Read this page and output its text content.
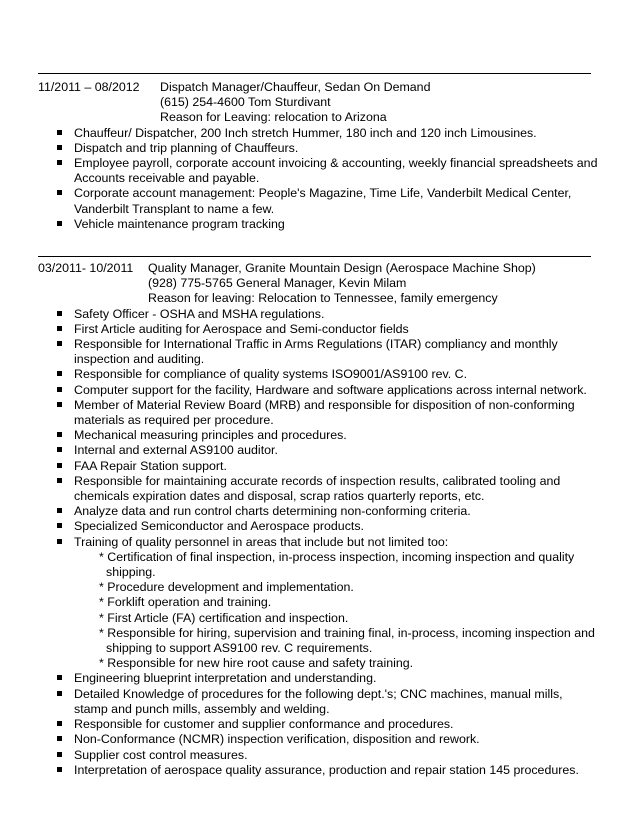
11/2011 – 08/2012 Dispatch Manager/Chauffeur, Sedan On Demand
(615) 254-4600 Tom Sturdivant
Reason for Leaving: relocation to Arizona
Chauffeur/ Dispatcher, 200 Inch stretch Hummer, 180 inch and 120 inch Limousines.
Dispatch and trip planning of Chauffeurs.
Employee payroll, corporate account invoicing & accounting, weekly financial spreadsheets and Accounts receivable and payable.
Corporate account management: People's Magazine, Time Life, Vanderbilt Medical Center, Vanderbilt Transplant to name a few.
Vehicle maintenance program tracking
03/2011- 10/2011 Quality Manager, Granite Mountain Design (Aerospace Machine Shop)
(928) 775-5765 General Manager, Kevin Milam
Reason for leaving: Relocation to Tennessee, family emergency
Safety Officer - OSHA and MSHA regulations.
First Article auditing for Aerospace and Semi-conductor fields
Responsible for International Traffic in Arms Regulations (ITAR) compliancy and monthly inspection and auditing.
Responsible for compliance of quality systems ISO9001/AS9100 rev. C.
Computer support for the facility, Hardware and software applications across internal network.
Member of Material Review Board (MRB) and responsible for disposition of non-conforming materials as required per procedure.
Mechanical measuring principles and procedures.
Internal and external AS9100 auditor.
FAA Repair Station support.
Responsible for maintaining accurate records of inspection results, calibrated tooling and chemicals expiration dates and disposal, scrap ratios quarterly reports, etc.
Analyze data and run control charts determining non-conforming criteria.
Specialized Semiconductor and Aerospace products.
Training of quality personnel in areas that include but not limited too:
* Certification of final inspection, in-process inspection, incoming inspection and quality shipping.
* Procedure development and implementation.
* Forklift operation and training.
* First Article (FA) certification and inspection.
* Responsible for hiring, supervision and training final, in-process, incoming inspection and shipping to support AS9100 rev. C requirements.
* Responsible for new hire root cause and safety training.
Engineering blueprint interpretation and understanding.
Detailed Knowledge of procedures for the following dept.'s; CNC machines, manual mills, stamp and punch mills, assembly and welding.
Responsible for customer and supplier conformance and procedures.
Non-Conformance (NCMR) inspection verification, disposition and rework.
Supplier cost control measures.
Interpretation of aerospace quality assurance, production and repair station 145 procedures.
